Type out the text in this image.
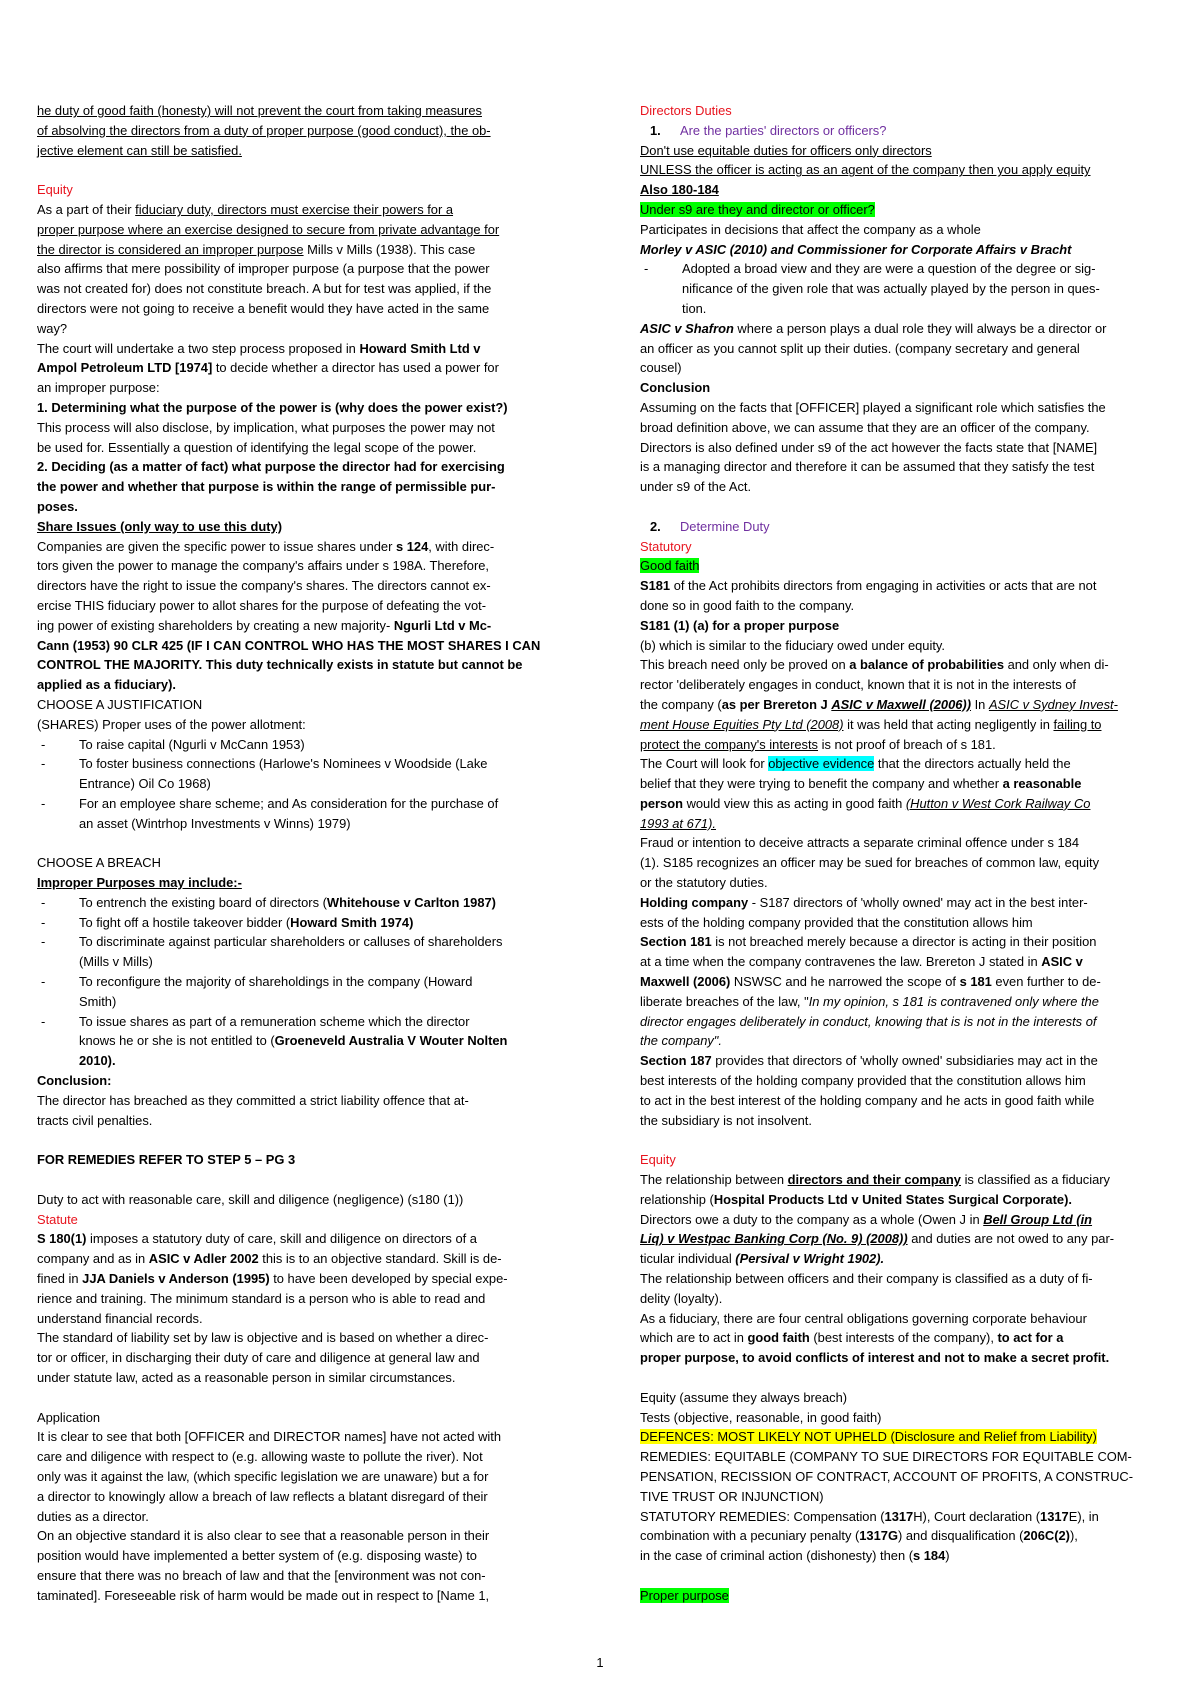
he duty of good faith (honesty) will not prevent the court from taking measures

of absolving the directors from a duty of proper purpose (good conduct), the ob-

jective element can still be satisfied.

Equity

As a part of their fiduciary duty, directors must exercise their powers for a

proper purpose where an exercise designed to secure from private advantage for

the director is considered an improper purpose Mills v Mills (1938). This case

also affirms that mere possibility of improper purpose (a purpose that the power

was not created for) does not constitute breach. A but for test was applied, if the

directors were not going to receive a benefit would they have acted in the same

way?

The court will undertake a two step process proposed in Howard Smith Ltd v

Ampol Petroleum LTD [1974] to decide whether a director has used a power for

an improper purpose:

1. Determining what the purpose of the power is (why does the power exist?)

This process will also disclose, by implication, what purposes the power may not

be used for. Essentially a question of identifying the legal scope of the power.

2. Deciding (as a matter of fact) what purpose the director had for exercising

the power and whether that purpose is within the range of permissible pur-

poses.

Share Issues (only way to use this duty)

Companies are given the specific power to issue shares under s 124, with direc-

tors given the power to manage the company's affairs under s 198A. Therefore,

directors have the right to issue the company's shares. The directors cannot ex-

ercise THIS fiduciary power to allot shares for the purpose of defeating the vot-

ing power of existing shareholders by creating a new majority- Ngurli Ltd v Mc-

Cann (1953) 90 CLR 425 (IF I CAN CONTROL WHO HAS THE MOST SHARES I CAN

CONTROL THE MAJORITY. This duty technically exists in statute but cannot be

applied as a fiduciary).

CHOOSE A JUSTIFICATION

(SHARES) Proper uses of the power allotment:

- To raise capital (Ngurli v McCann 1953)

- To foster business connections (Harlowe's Nominees v Woodside (Lake

Entrance) Oil Co 1968)

- For an employee share scheme; and As consideration for the purchase of

an asset (Wintrhop Investments v Winns) 1979)

CHOOSE A BREACH

Improper Purposes may include:-

- To entrench the existing board of directors (Whitehouse v Carlton 1987)

- To fight off a hostile takeover bidder (Howard Smith 1974)

- To discriminate against particular shareholders or calluses of shareholders

(Mills v Mills)

- To reconfigure the majority of shareholdings in the company (Howard

Smith)

- To issue shares as part of a remuneration scheme which the director

knows he or she is not entitled to (Groeneveld Australia V Wouter Nolten

2010).

Conclusion:

The director has breached as they committed a strict liability offence that at-

tracts civil penalties.

FOR REMEDIES REFER TO STEP 5 – PG 3

Duty to act with reasonable care, skill and diligence (negligence) (s180 (1))

Statute

S 180(1) imposes a statutory duty of care, skill and diligence on directors of a

company and as in ASIC v Adler 2002 this is to an objective standard. Skill is de-

fined in JJA Daniels v Anderson (1995) to have been developed by special expe-

rience and training. The minimum standard is a person who is able to read and

understand financial records.

The standard of liability set by law is objective and is based on whether a direc-

tor or officer, in discharging their duty of care and diligence at general law and

under statute law, acted as a reasonable person in similar circumstances.

Application

It is clear to see that both [OFFICER and DIRECTOR names] have not acted with

care and diligence with respect to (e.g. allowing waste to pollute the river). Not

only was it against the law, (which specific legislation we are unaware) but a for

a director to knowingly allow a breach of law reflects a blatant disregard of their

duties as a director.

On an objective standard it is also clear to see that a reasonable person in their

position would have implemented a better system of (e.g. disposing waste) to

ensure that there was no breach of law and that the [environment was not con-

taminated]. Foreseeable risk of harm would be made out in respect to [Name 1,

Directors Duties

1. Are the parties' directors or officers?

Don't use equitable duties for officers only directors

UNLESS the officer is acting as an agent of the company then you apply equity

Also 180-184

Under s9 are they and director or officer?

Participates in decisions that affect the company as a whole

Morley v ASIC (2010) and Commissioner for Corporate Affairs v Bracht

- Adopted a broad view and they are were a question of the degree or sig-

nificance of the given role that was actually played by the person in ques-

tion.

ASIC v Shafron where a person plays a dual role they will always be a director or

an officer as you cannot split up their duties. (company secretary and general

cousel)

Conclusion

Assuming on the facts that [OFFICER] played a significant role which satisfies the

broad definition above, we can assume that they are an officer of the company.

Directors is also defined under s9 of the act however the facts state that [NAME]

is a managing director and therefore it can be assumed that they satisfy the test

under s9 of the Act.

2. Determine Duty

Statutory

Good faith

S181 of the Act prohibits directors from engaging in activities or acts that are not

done so in good faith to the company.

S181 (1) (a) for a proper purpose

(b) which is similar to the fiduciary owed under equity.

This breach need only be proved on a balance of probabilities and only when di-

rector 'deliberately engages in conduct, known that it is not in the interests of

the company (as per Brereton J ASIC v Maxwell (2006)) In ASIC v Sydney Invest-

ment House Equities Pty Ltd (2008) it was held that acting negligently in failing to

protect the company's interests is not proof of breach of s 181.

The Court will look for objective evidence that the directors actually held the

belief that they were trying to benefit the company and whether a reasonable

person would view this as acting in good faith (Hutton v West Cork Railway Co

1993 at 671).

Fraud or intention to deceive attracts a separate criminal offence under s 184

(1). S185 recognizes an officer may be sued for breaches of common law, equity

or the statutory duties.

Holding company - S187 directors of 'wholly owned' may act in the best inter-

ests of the holding company provided that the constitution allows him

Section 181 is not breached merely because a director is acting in their position

at a time when the company contravenes the law. Brereton J stated in ASIC v

Maxwell (2006) NSWSC and he narrowed the scope of s 181 even further to de-

liberate breaches of the law, "In my opinion, s 181 is contravened only where the

director engages deliberately in conduct, knowing that is is not in the interests of

the company".

Section 187 provides that directors of 'wholly owned' subsidiaries may act in the

best interests of the holding company provided that the constitution allows him

to act in the best interest of the holding company and he acts in good faith while

the subsidiary is not insolvent.

Equity

The relationship between directors and their company is classified as a fiduciary

relationship (Hospital Products Ltd v United States Surgical Corporate).

Directors owe a duty to the company as a whole (Owen J in Bell Group Ltd (in

Liq) v Westpac Banking Corp (No. 9) (2008)) and duties are not owed to any par-

ticular individual (Persival v Wright 1902).

The relationship between officers and their company is classified as a duty of fi-

delity (loyalty).

As a fiduciary, there are four central obligations governing corporate behaviour

which are to act in good faith (best interests of the company), to act for a

proper purpose, to avoid conflicts of interest and not to make a secret profit.

Equity (assume they always breach)

Tests (objective, reasonable, in good faith)

DEFENCES: MOST LIKELY NOT UPHELD (Disclosure and Relief from Liability)

REMEDIES: EQUITABLE (COMPANY TO SUE DIRECTORS FOR EQUITABLE COM-

PENSATION, RECISSION OF CONTRACT, ACCOUNT OF PROFITS, A CONSTRUC-

TIVE TRUST OR INJUNCTION)

STATUTORY REMEDIES: Compensation (1317H), Court declaration (1317E), in

combination with a pecuniary penalty (1317G) and disqualification (206C(2)),

in the case of criminal action (dishonesty) then (s 184)

Proper purpose

1
